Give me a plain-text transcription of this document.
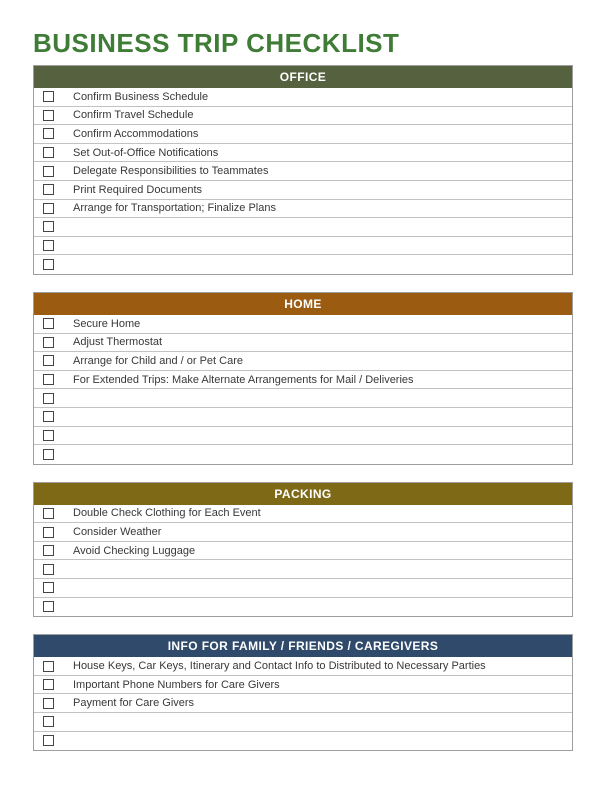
BUSINESS TRIP CHECKLIST
OFFICE
Confirm Business Schedule
Confirm Travel Schedule
Confirm Accommodations
Set Out-of-Office Notifications
Delegate Responsibilities to Teammates
Print Required Documents
Arrange for Transportation; Finalize Plans
HOME
Secure Home
Adjust Thermostat
Arrange for Child and / or Pet Care
For Extended Trips: Make Alternate Arrangements for Mail / Deliveries
PACKING
Double Check Clothing for Each Event
Consider Weather
Avoid Checking Luggage
INFO FOR FAMILY / FRIENDS / CAREGIVERS
House Keys, Car Keys, Itinerary and Contact Info to Distributed to Necessary Parties
Important Phone Numbers for Care Givers
Payment for Care Givers
